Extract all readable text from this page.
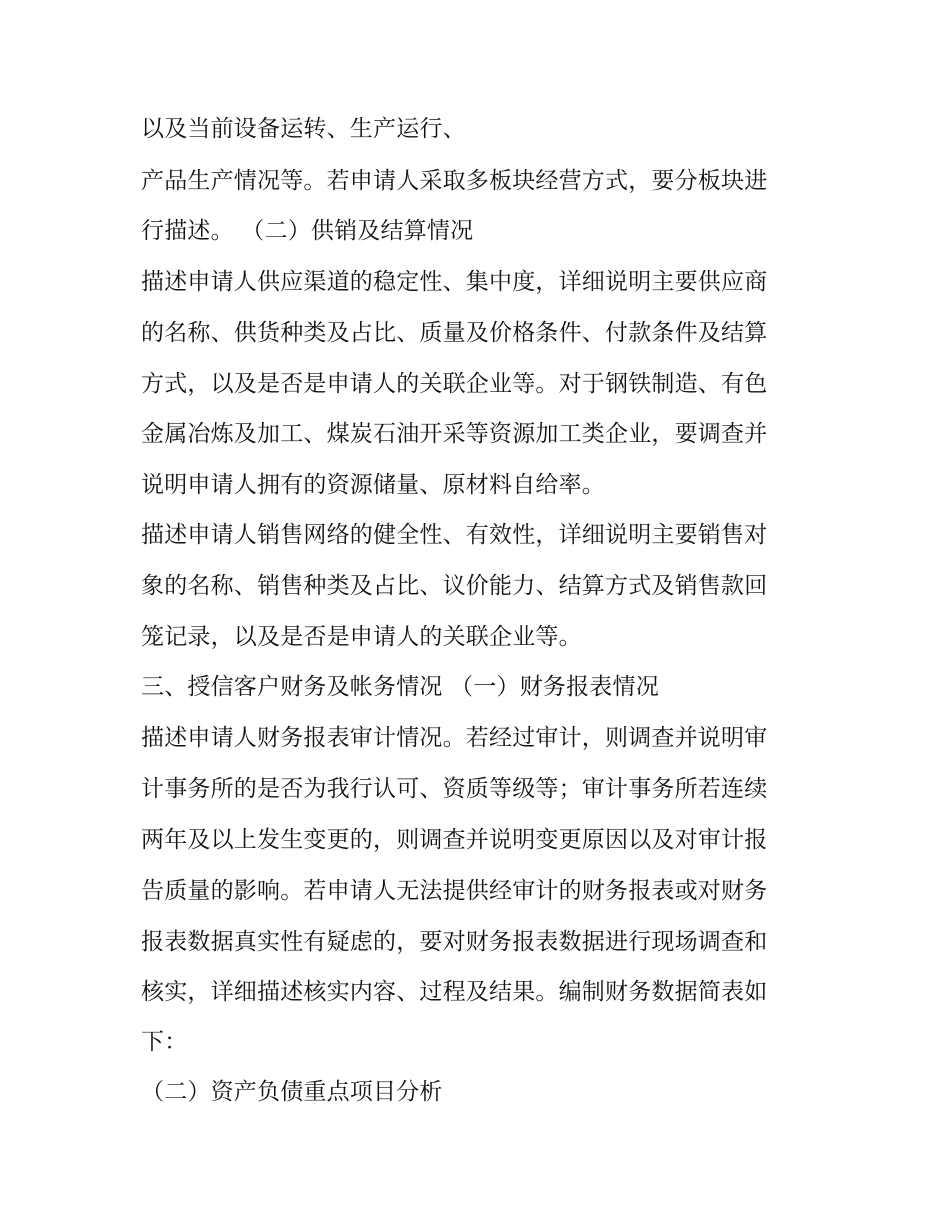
以及当前设备运转、生产运行、
产品生产情况等。若申请人采取多板块经营方式，要分板块进
行描述。 （二）供销及结算情况
描述申请人供应渠道的稳定性、集中度，详细说明主要供应商
的名称、供货种类及占比、质量及价格条件、付款条件及结算
方式，以及是否是申请人的关联企业等。对于钢铁制造、有色
金属冶炼及加工、煤炭石油开采等资源加工类企业，要调查并
说明申请人拥有的资源储量、原材料自给率。
描述申请人销售网络的健全性、有效性，详细说明主要销售对
象的名称、销售种类及占比、议价能力、结算方式及销售款回
笼记录，以及是否是申请人的关联企业等。
三、授信客户财务及帐务情况 （一）财务报表情况
描述申请人财务报表审计情况。若经过审计，则调查并说明审
计事务所的是否为我行认可、资质等级等；审计事务所若连续
两年及以上发生变更的，则调查并说明变更原因以及对审计报
告质量的影响。若申请人无法提供经审计的财务报表或对财务
报表数据真实性有疑虑的，要对财务报表数据进行现场调查和
核实，详细描述核实内容、过程及结果。编制财务数据简表如
下：
（二）资产负债重点项目分析
